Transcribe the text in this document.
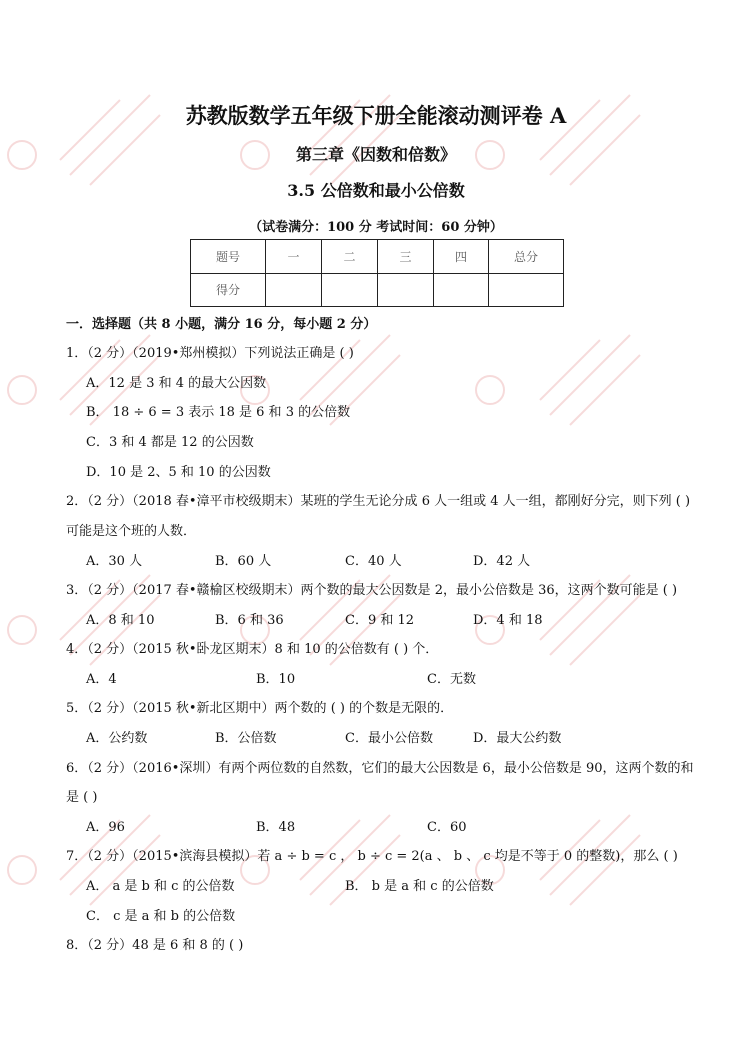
苏教版数学五年级下册全能滚动测评卷 A
第三章《因数和倍数》
3.5 公倍数和最小公倍数
（试卷满分：100 分 考试时间：60 分钟）
题号	一	二	三	四	总分
得分					
一．选择题（共 8 小题，满分 16 分，每小题 2 分）
1．（2 分）（2019•郑州模拟）下列说法正确是 ( )
A．12 是 3 和 4 的最大公因数
B． 18 ÷ 6 = 3 表示 18 是 6 和 3 的公倍数
C．3 和 4 都是 12 的公因数
D．10 是 2、5 和 10 的公因数
2．（2 分）（2018 春•漳平市校级期末）某班的学生无论分成 6 人一组或 4 人一组，都刚好分完，则下列 ( )
可能是这个班的人数．
A．30 人	B．60 人	C．40 人	D．42 人
3．（2 分）（2017 春•赣榆区校级期末）两个数的最大公因数是 2，最小公倍数是 36，这两个数可能是 ( )
A．8 和 10	B．6 和 36	C．9 和 12	D．4 和 18
4．（2 分）（2015 秋•卧龙区期末）8 和 10 的公倍数有 ( ) 个．
A．4	B．10	C．无数
5．（2 分）（2015 秋•新北区期中）两个数的 ( ) 的个数是无限的．
A．公约数	B．公倍数	C．最小公倍数	D．最大公约数
6．（2 分）（2016•深圳）有两个两位数的自然数，它们的最大公因数是 6，最小公倍数是 90，这两个数的和
是 ( )
A．96	B．48	C．60
7．（2 分）（2015•滨海县模拟）若 a ÷ b = c ， b ÷ c = 2(a 、 b 、 c 均是不等于 0 的整数)，那么 ( )
A． a 是 b 和 c 的公倍数	B． b 是 a 和 c 的公倍数
C． c 是 a 和 b 的公倍数
8．（2 分）48 是 6 和 8 的 ( )
